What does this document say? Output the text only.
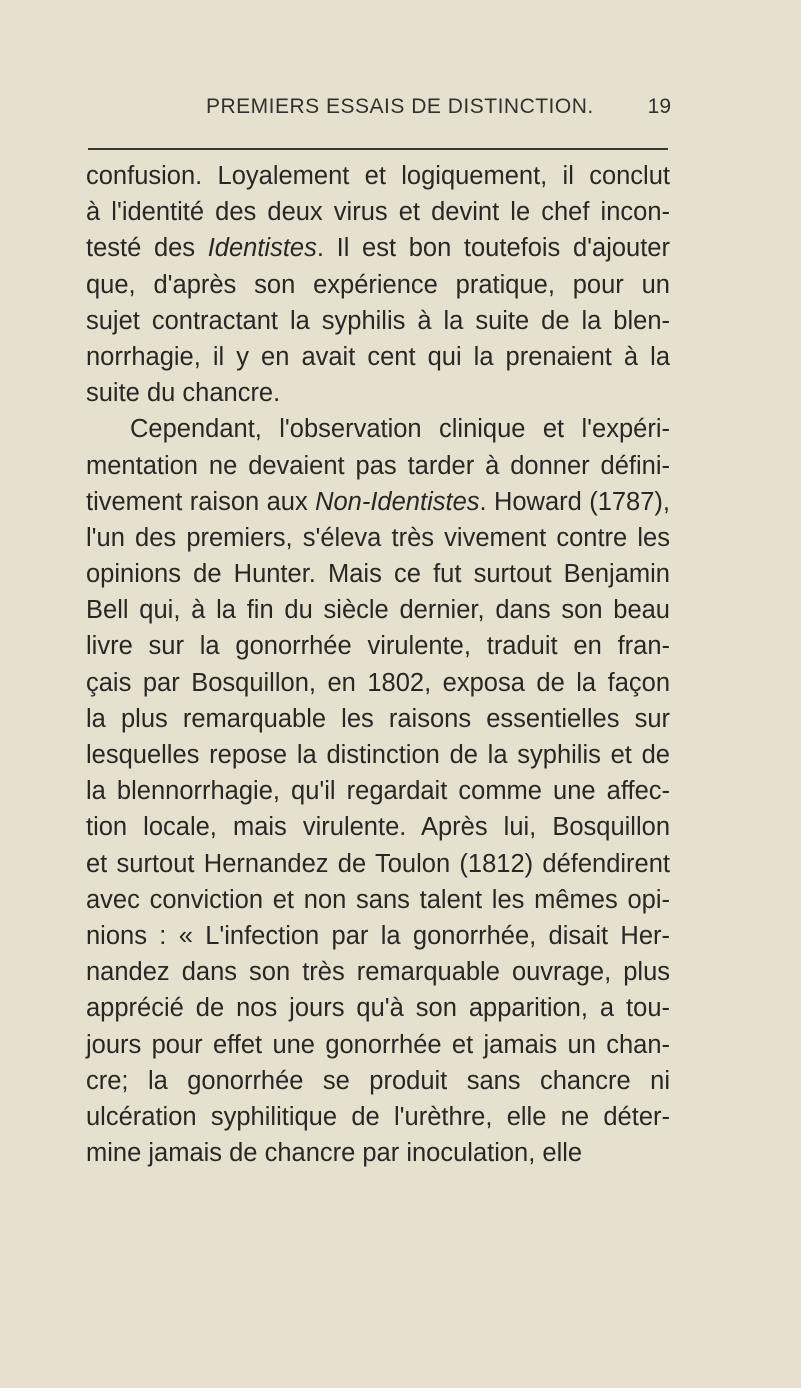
PREMIERS ESSAIS DE DISTINCTION.	19
confusion. Loyalement et logiquement, il conclut
à l'identité des deux virus et devint le chef incon-
testé des Identistes. Il est bon toutefois d'ajouter
que, d'après son expérience pratique, pour un
sujet contractant la syphilis à la suite de la blen-
norrhagie, il y en avait cent qui la prenaient à la
suite du chancre.
Cependant, l'observation clinique et l'expéri-
mentation ne devaient pas tarder à donner défini-
tivement raison aux Non-Identistes. Howard (1787),
l'un des premiers, s'éleva très vivement contre les
opinions de Hunter. Mais ce fut surtout Benjamin
Bell qui, à la fin du siècle dernier, dans son beau
livre sur la gonorrhée virulente, traduit en fran-
çais par Bosquillon, en 1802, exposa de la façon
la plus remarquable les raisons essentielles sur
lesquelles repose la distinction de la syphilis et de
la blennorrhagie, qu'il regardait comme une affec-
tion locale, mais virulente. Après lui, Bosquillon
et surtout Hernandez de Toulon (1812) défendirent
avec conviction et non sans talent les mêmes opi-
nions : « L'infection par la gonorrhée, disait Her-
nandez dans son très remarquable ouvrage, plus
apprécié de nos jours qu'à son apparition, a tou-
jours pour effet une gonorrhée et jamais un chan-
cre; la gonorrhée se produit sans chancre ni
ulcération syphilitique de l'urèthre, elle ne déter-
mine jamais de chancre par inoculation, elle
